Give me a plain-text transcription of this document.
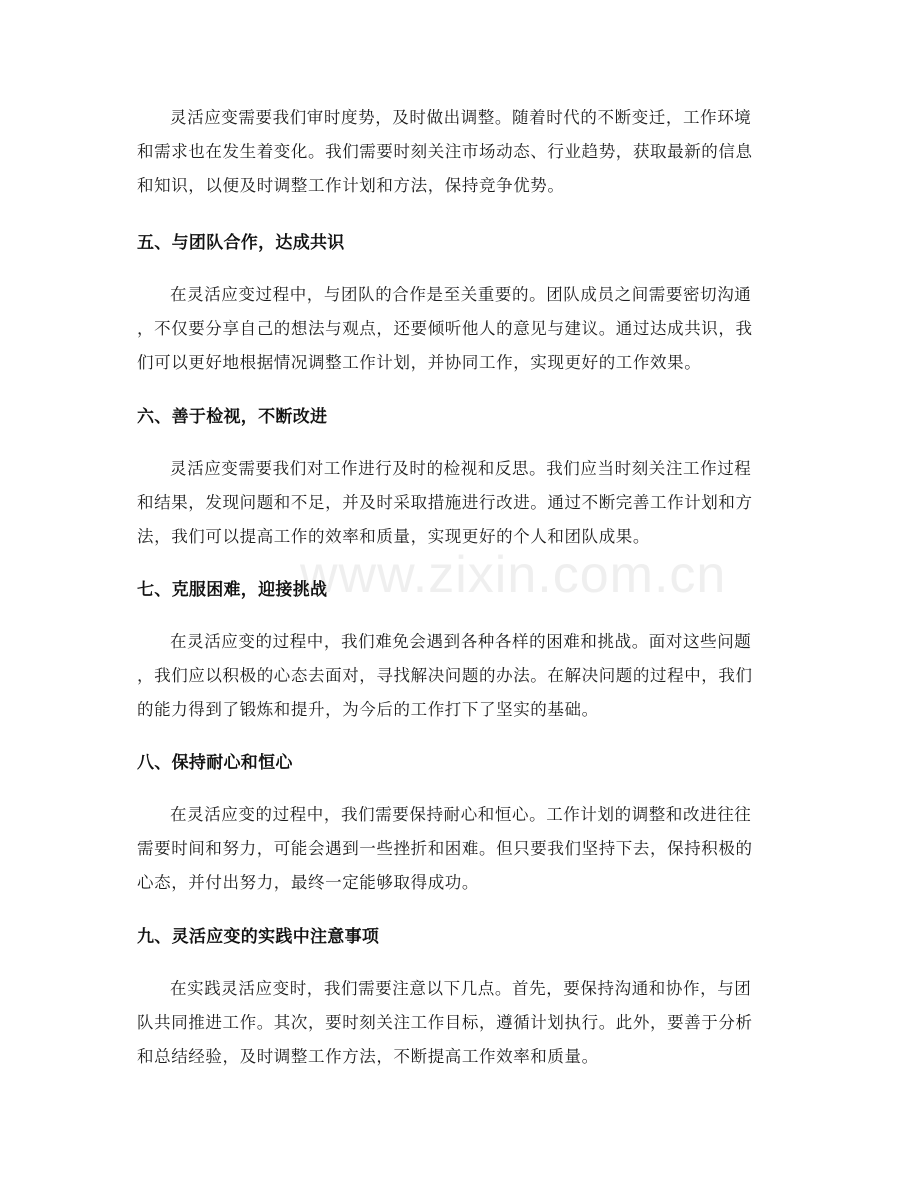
www.zixin.com.cn
灵活应变需要我们审时度势，及时做出调整。随着时代的不断变迁，工作环境
和需求也在发生着变化。我们需要时刻关注市场动态、行业趋势，获取最新的信息
和知识，以便及时调整工作计划和方法，保持竞争优势。
五、与团队合作，达成共识
在灵活应变过程中，与团队的合作是至关重要的。团队成员之间需要密切沟通
，不仅要分享自己的想法与观点，还要倾听他人的意见与建议。通过达成共识，我
们可以更好地根据情况调整工作计划，并协同工作，实现更好的工作效果。
六、善于检视，不断改进
灵活应变需要我们对工作进行及时的检视和反思。我们应当时刻关注工作过程
和结果，发现问题和不足，并及时采取措施进行改进。通过不断完善工作计划和方
法，我们可以提高工作的效率和质量，实现更好的个人和团队成果。
七、克服困难，迎接挑战
在灵活应变的过程中，我们难免会遇到各种各样的困难和挑战。面对这些问题
，我们应以积极的心态去面对，寻找解决问题的办法。在解决问题的过程中，我们
的能力得到了锻炼和提升，为今后的工作打下了坚实的基础。
八、保持耐心和恒心
在灵活应变的过程中，我们需要保持耐心和恒心。工作计划的调整和改进往往
需要时间和努力，可能会遇到一些挫折和困难。但只要我们坚持下去，保持积极的
心态，并付出努力，最终一定能够取得成功。
九、灵活应变的实践中注意事项
在实践灵活应变时，我们需要注意以下几点。首先，要保持沟通和协作，与团
队共同推进工作。其次，要时刻关注工作目标，遵循计划执行。此外，要善于分析
和总结经验，及时调整工作方法，不断提高工作效率和质量。
